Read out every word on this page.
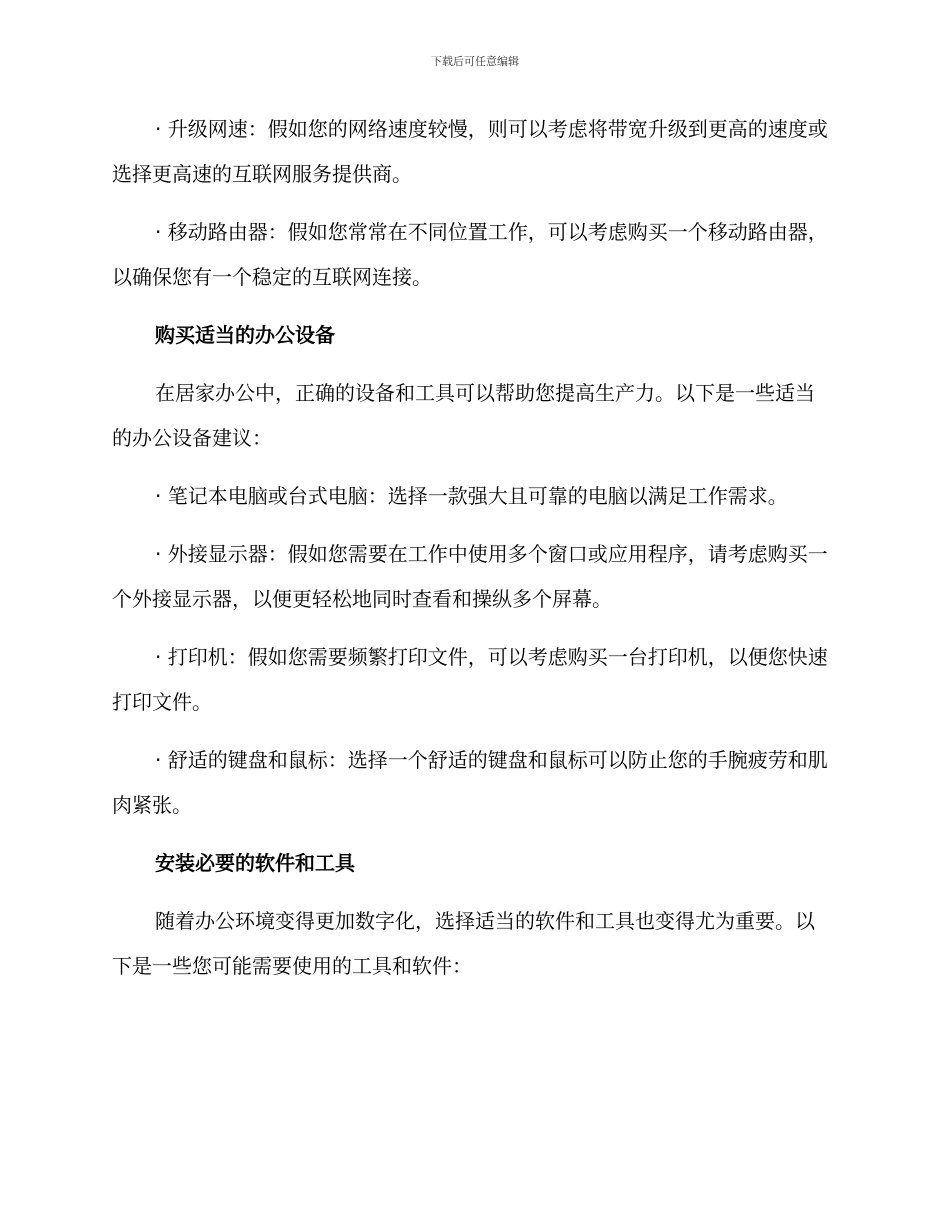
下载后可任意编辑

· 升级网速：假如您的网络速度较慢，则可以考虑将带宽升级到更高的速度或选择更高速的互联网服务提供商。

· 移动路由器：假如您常常在不同位置工作，可以考虑购买一个移动路由器，以确保您有一个稳定的互联网连接。

购买适当的办公设备

在居家办公中，正确的设备和工具可以帮助您提高生产力。以下是一些适当的办公设备建议：

· 笔记本电脑或台式电脑：选择一款强大且可靠的电脑以满足工作需求。

· 外接显示器：假如您需要在工作中使用多个窗口或应用程序，请考虑购买一个外接显示器，以便更轻松地同时查看和操纵多个屏幕。

· 打印机：假如您需要频繁打印文件，可以考虑购买一台打印机，以便您快速打印文件。

· 舒适的键盘和鼠标：选择一个舒适的键盘和鼠标可以防止您的手腕疲劳和肌肉紧张。

安装必要的软件和工具

随着办公环境变得更加数字化，选择适当的软件和工具也变得尤为重要。以下是一些您可能需要使用的工具和软件：
